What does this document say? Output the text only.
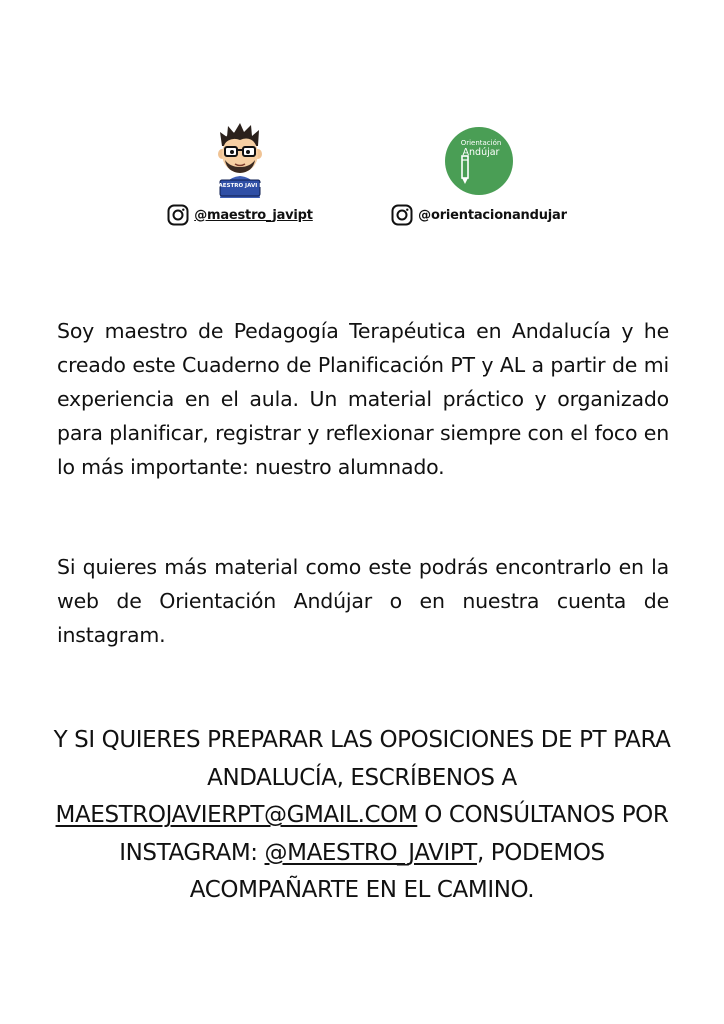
MAESTRO JAVI PT
@maestro_javipt
Orientación
Andújar
@orientacionandujar

Soy maestro de Pedagogía Terapéutica en Andalucía y he creado este Cuaderno de Planificación PT y AL a partir de mi experiencia en el aula. Un material práctico y organizado para planificar, registrar y reflexionar siempre con el foco en lo más importante: nuestro alumnado.

Si quieres más material como este podrás encontrarlo en la web de Orientación Andújar o en nuestra cuenta de instagram.

Y SI QUIERES PREPARAR LAS OPOSICIONES DE PT PARA ANDALUCÍA, ESCRÍBENOS A MAESTROJAVIERPT@GMAIL.COM O CONSÚLTANOS POR INSTAGRAM: @MAESTRO_JAVIPT, PODEMOS ACOMPAÑARTE EN EL CAMINO.
